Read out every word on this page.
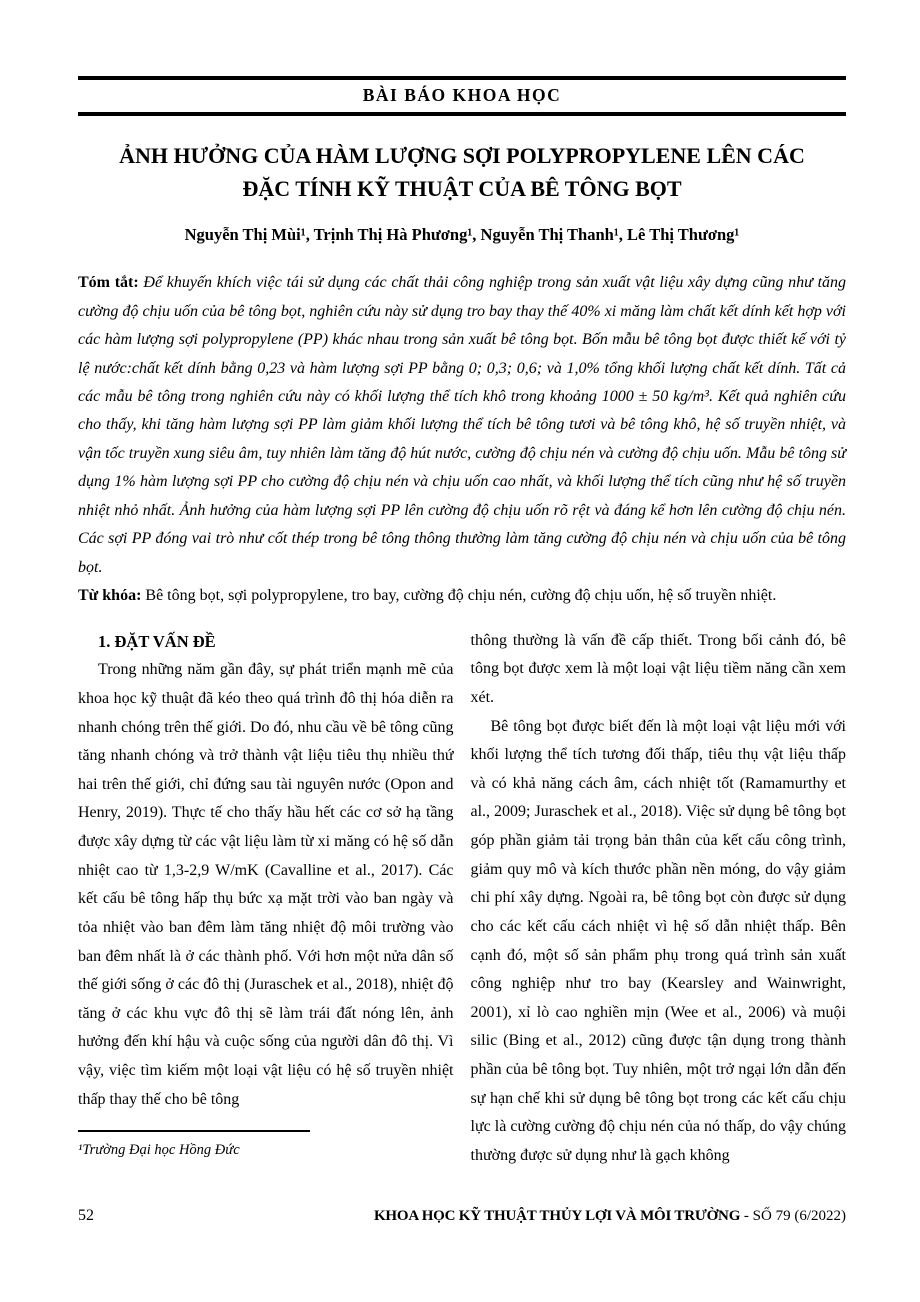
BÀI BÁO KHOA HỌC
ẢNH HƯỞNG CỦA HÀM LƯỢNG SỢI POLYPROPYLENE LÊN CÁC
ĐẶC TÍNH KỸ THUẬT CỦA BÊ TÔNG BỌT
Nguyễn Thị Mùi¹, Trịnh Thị Hà Phương¹, Nguyễn Thị Thanh¹, Lê Thị Thương¹

Tóm tắt: Để khuyến khích việc tái sử dụng các chất thải công nghiệp trong sản xuất vật liệu xây dựng cũng như tăng cường độ chịu uốn của bê tông bọt, nghiên cứu này sử dụng tro bay thay thế 40% xi măng làm chất kết dính kết hợp với các hàm lượng sợi polypropylene (PP) khác nhau trong sản xuất bê tông bọt. Bốn mẫu bê tông bọt được thiết kế với tỷ lệ nước:chất kết dính bằng 0,23 và hàm lượng sợi PP bằng 0; 0,3; 0,6; và 1,0% tổng khối lượng chất kết dính. Tất cả các mẫu bê tông trong nghiên cứu này có khối lượng thể tích khô trong khoảng 1000 ± 50 kg/m³. Kết quả nghiên cứu cho thấy, khi tăng hàm lượng sợi PP làm giảm khối lượng thể tích bê tông tươi và bê tông khô, hệ số truyền nhiệt, và vận tốc truyền xung siêu âm, tuy nhiên làm tăng độ hút nước, cường độ chịu nén và cường độ chịu uốn. Mẫu bê tông sử dụng 1% hàm lượng sợi PP cho cường độ chịu nén và chịu uốn cao nhất, và khối lượng thể tích cũng như hệ số truyền nhiệt nhỏ nhất. Ảnh hưởng của hàm lượng sợi PP lên cường độ chịu uốn rõ rệt và đáng kể hơn lên cường độ chịu nén. Các sợi PP đóng vai trò như cốt thép trong bê tông thông thường làm tăng cường độ chịu nén và chịu uốn của bê tông bọt.

Từ khóa: Bê tông bọt, sợi polypropylene, tro bay, cường độ chịu nén, cường độ chịu uốn, hệ số truyền nhiệt.

1. ĐẶT VẤN ĐỀ

Trong những năm gần đây, sự phát triển mạnh mẽ của khoa học kỹ thuật đã kéo theo quá trình đô thị hóa diễn ra nhanh chóng trên thế giới. Do đó, nhu cầu về bê tông cũng tăng nhanh chóng và trở thành vật liệu tiêu thụ nhiều thứ hai trên thế giới, chỉ đứng sau tài nguyên nước (Opon and Henry, 2019). Thực tế cho thấy hầu hết các cơ sở hạ tầng được xây dựng từ các vật liệu làm từ xi măng có hệ số dẫn nhiệt cao từ 1,3-2,9 W/mK (Cavalline et al., 2017). Các kết cấu bê tông hấp thụ bức xạ mặt trời vào ban ngày và tỏa nhiệt vào ban đêm làm tăng nhiệt độ môi trường vào ban đêm nhất là ở các thành phố. Với hơn một nửa dân số thế giới sống ở các đô thị (Juraschek et al., 2018), nhiệt độ tăng ở các khu vực đô thị sẽ làm trái đất nóng lên, ảnh hưởng đến khí hậu và cuộc sống của người dân đô thị. Vì vậy, việc tìm kiếm một loại vật liệu có hệ số truyền nhiệt thấp thay thế cho bê tông

¹Trường Đại học Hồng Đức

thông thường là vấn đề cấp thiết. Trong bối cảnh đó, bê tông bọt được xem là một loại vật liệu tiềm năng cần xem xét.

Bê tông bọt được biết đến là một loại vật liệu mới với khối lượng thể tích tương đối thấp, tiêu thụ vật liệu thấp và có khả năng cách âm, cách nhiệt tốt (Ramamurthy et al., 2009; Juraschek et al., 2018). Việc sử dụng bê tông bọt góp phần giảm tải trọng bản thân của kết cấu công trình, giảm quy mô và kích thước phần nền móng, do vậy giảm chi phí xây dựng. Ngoài ra, bê tông bọt còn được sử dụng cho các kết cấu cách nhiệt vì hệ số dẫn nhiệt thấp. Bên cạnh đó, một số sản phẩm phụ trong quá trình sản xuất công nghiệp như tro bay (Kearsley and Wainwright, 2001), xỉ lò cao nghiền mịn (Wee et al., 2006) và muội silic (Bing et al., 2012) cũng được tận dụng trong thành phần của bê tông bọt. Tuy nhiên, một trở ngại lớn dẫn đến sự hạn chế khi sử dụng bê tông bọt trong các kết cấu chịu lực là cường cường độ chịu nén của nó thấp, do vậy chúng thường được sử dụng như là gạch không

52	KHOA HỌC KỸ THUẬT THỦY LỢI VÀ MÔI TRƯỜNG - SỐ 79 (6/2022)
